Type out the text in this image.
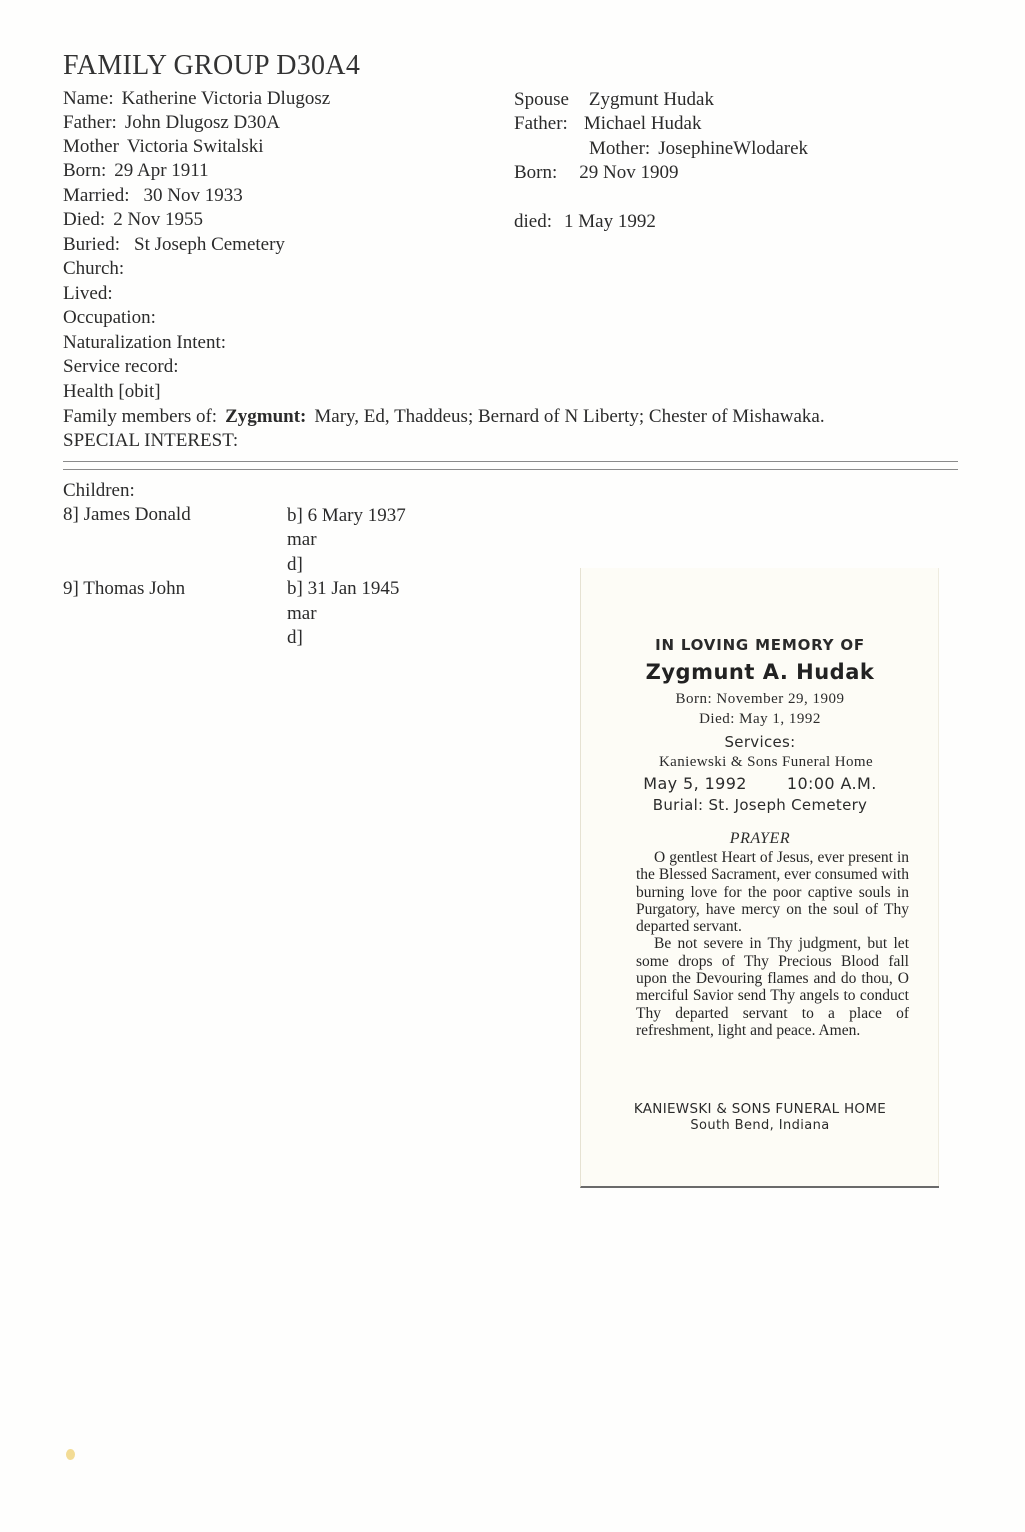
FAMILY GROUP D30A4
Name: Katherine Victoria Dlugosz
Father: John Dlugosz D30A
Mother Victoria Switalski
Born: 29 Apr 1911
Married: 30 Nov 1933
Died: 2 Nov 1955
Buried: St Joseph Cemetery
Church:
Lived:
Occupation:
Naturalization Intent:
Service record:
Health [obit]
Family members of: Zygmunt: Mary, Ed, Thaddeus; Bernard of N Liberty; Chester of Mishawaka.
SPECIAL INTEREST:
Spouse Zygmunt Hudak
Father: Michael Hudak
Mother: JosephineWlodarek
Born: 29 Nov 1909
died: 1 May 1992
Children:
8] James Donald	b] 6 Mary 1937
mar
d]
9] Thomas John	b] 31 Jan 1945
mar
d]	IN LOVING MEMORY OF
Zygmunt A. Hudak
Born: November 29, 1909
Died: May 1, 1992
Services:
Kaniewski & Sons Funeral Home
May 5, 1992	10:00 A.M.
Burial: St. Joseph Cemetery
PRAYER

O gentlest Heart of Jesus, ever present in the Blessed Sacrament, ever consumed with burning love for the poor captive souls in Purgatory, have mercy on the soul of Thy departed servant.

Be not severe in Thy judgment, but let some drops of Thy Precious Blood fall upon the Devouring flames and do thou, O merciful Savior send Thy angels to conduct Thy departed servant to a place of refreshment, light and peace. Amen.

KANIEWSKI & SONS FUNERAL HOME
South Bend, Indiana
